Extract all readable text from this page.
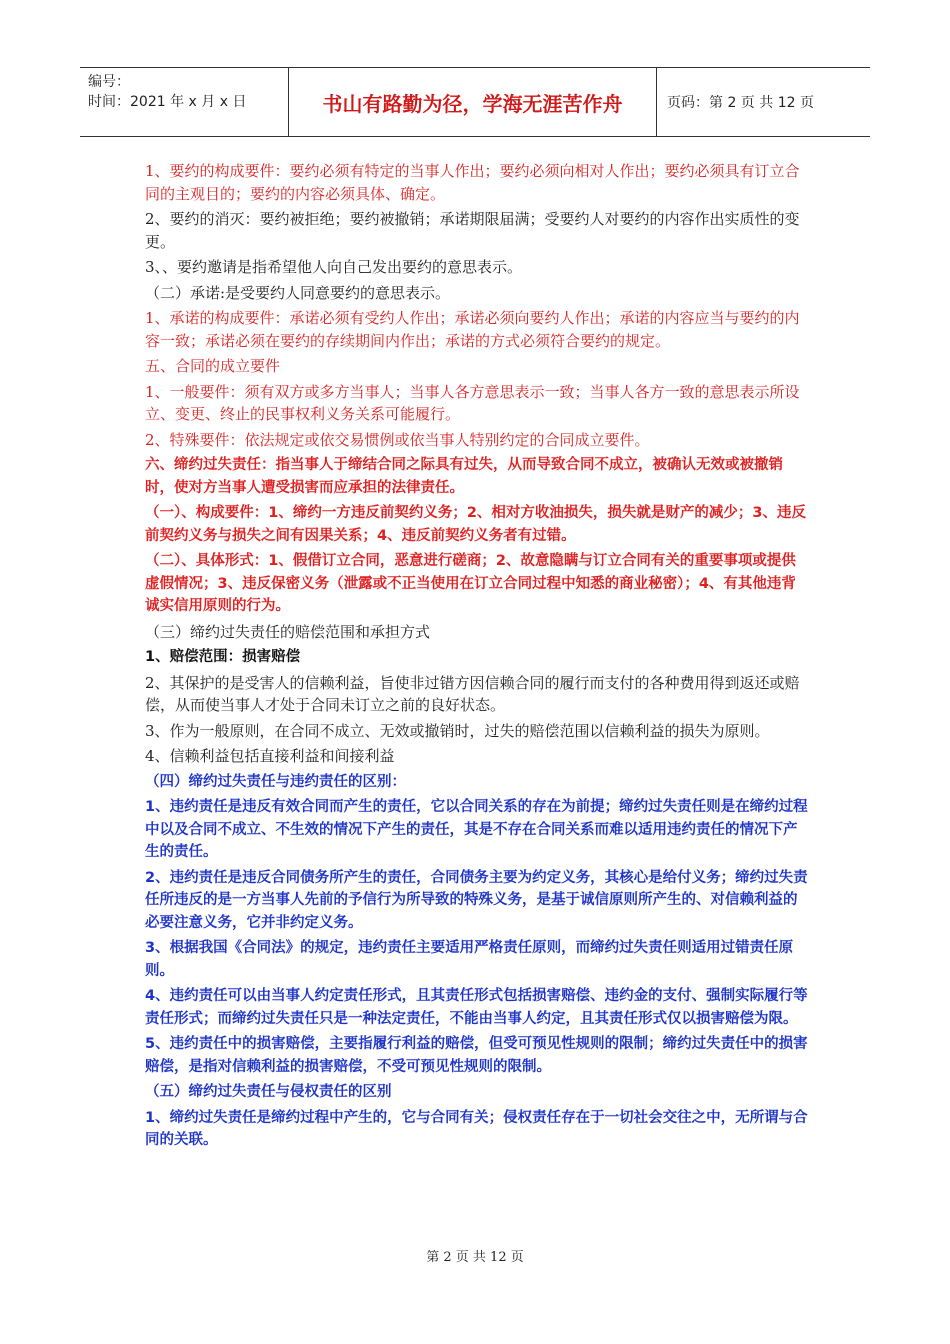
编号：
时间：2021 年 x 月 x 日	书山有路勤为径，学海无涯苦作舟	页码：第 2 页 共 12 页

1、要约的构成要件：要约必须有特定的当事人作出；要约必须向相对人作出；要约必须具有订立合同的主观目的；要约的内容必须具体、确定。

2、要约的消灭：要约被拒绝；要约被撤销；承诺期限届满；受要约人对要约的内容作出实质性的变更。

3、、要约邀请是指希望他人向自己发出要约的意思表示。

（二）承诺:是受要约人同意要约的意思表示。

1、承诺的构成要件：承诺必须有受约人作出；承诺必须向要约人作出；承诺的内容应当与要约的内容一致；承诺必须在要约的存续期间内作出；承诺的方式必须符合要约的规定。

五、合同的成立要件

1、一般要件：须有双方或多方当事人；当事人各方意思表示一致；当事人各方一致的意思表示所设立、变更、终止的民事权利义务关系可能履行。

2、特殊要件：依法规定或依交易惯例或依当事人特别约定的合同成立要件。

六、缔约过失责任：指当事人于缔结合同之际具有过失，从而导致合同不成立，被确认无效或被撤销时，使对方当事人遭受损害而应承担的法律责任。

（一）、构成要件：1、缔约一方违反前契约义务；2、相对方收油损失，损失就是财产的减少；3、违反前契约义务与损失之间有因果关系；4、违反前契约义务者有过错。

（二）、具体形式：1、假借订立合同，恶意进行磋商；2、故意隐瞒与订立合同有关的重要事项或提供虚假情况；3、违反保密义务（泄露或不正当使用在订立合同过程中知悉的商业秘密）；4、有其他违背诚实信用原则的行为。

（三）缔约过失责任的赔偿范围和承担方式

1、赔偿范围：损害赔偿

2、其保护的是受害人的信赖利益，旨使非过错方因信赖合同的履行而支付的各种费用得到返还或赔偿，从而使当事人才处于合同未订立之前的良好状态。

3、作为一般原则，在合同不成立、无效或撤销时，过失的赔偿范围以信赖利益的损失为原则。

4、信赖利益包括直接利益和间接利益

（四）缔约过失责任与违约责任的区别：

1、违约责任是违反有效合同而产生的责任，它以合同关系的存在为前提；缔约过失责任则是在缔约过程中以及合同不成立、不生效的情况下产生的责任，其是不存在合同关系而难以适用违约责任的情况下产生的责任。

2、违约责任是违反合同债务所产生的责任，合同债务主要为约定义务，其核心是给付义务；缔约过失责任所违反的是一方当事人先前的予信行为所导致的特殊义务，是基于诚信原则所产生的、对信赖利益的必要注意义务，它并非约定义务。

3、根据我国《合同法》的规定，违约责任主要适用严格责任原则，而缔约过失责任则适用过错责任原则。

4、违约责任可以由当事人约定责任形式，且其责任形式包括损害赔偿、违约金的支付、强制实际履行等责任形式；而缔约过失责任只是一种法定责任，不能由当事人约定，且其责任形式仅以损害赔偿为限。

5、违约责任中的损害赔偿，主要指履行利益的赔偿，但受可预见性规则的限制；缔约过失责任中的损害赔偿，是指对信赖利益的损害赔偿，不受可预见性规则的限制。

（五）缔约过失责任与侵权责任的区别

1、缔约过失责任是缔约过程中产生的，它与合同有关；侵权责任存在于一切社会交往之中，无所谓与合同的关联。

第 2 页 共 12 页
